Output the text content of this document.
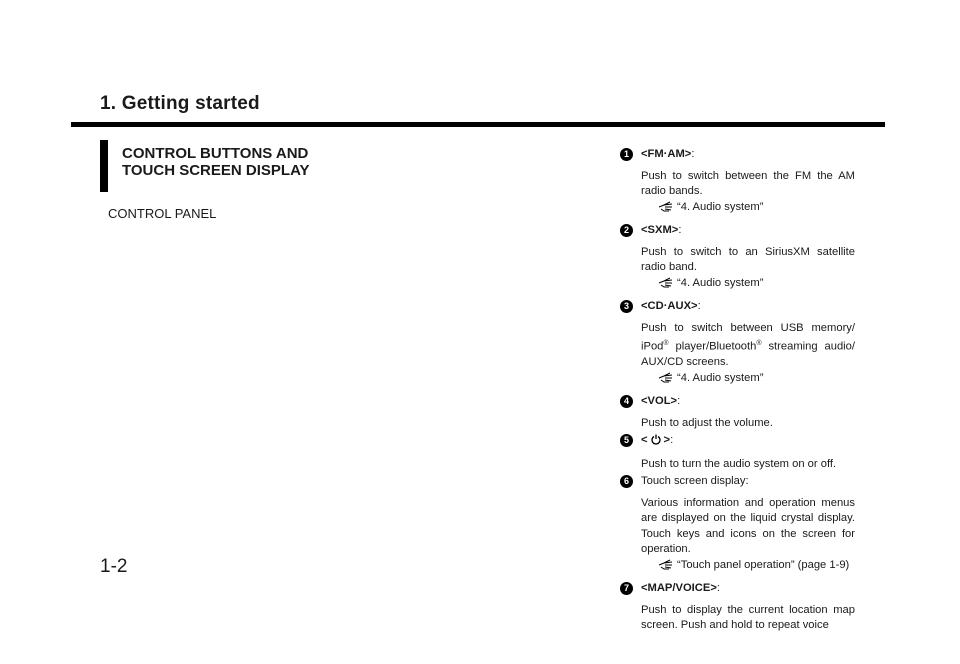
1. Getting started
CONTROL BUTTONS AND
TOUCH SCREEN DISPLAY
CONTROL PANEL
1-2
1	<FM·AM>:
Push to switch between the FM the AM radio bands.
“4. Audio system”
2	<SXM>:
Push to switch to an SiriusXM satellite radio band.
“4. Audio system”
3	<CD·AUX>:
Push to switch between USB memory/ iPod® player/Bluetooth® streaming audio/ AUX/CD screens.
“4. Audio system”
4	<VOL>:
Push to adjust the volume.
5	< >:
Push to turn the audio system on or off.
6	Touch screen display:
Various information and operation menus are displayed on the liquid crystal display. Touch keys and icons on the screen for operation.
“Touch panel operation” (page 1-9)
7	<MAP/VOICE>:
Push to display the current location map screen. Push and hold to repeat voice
